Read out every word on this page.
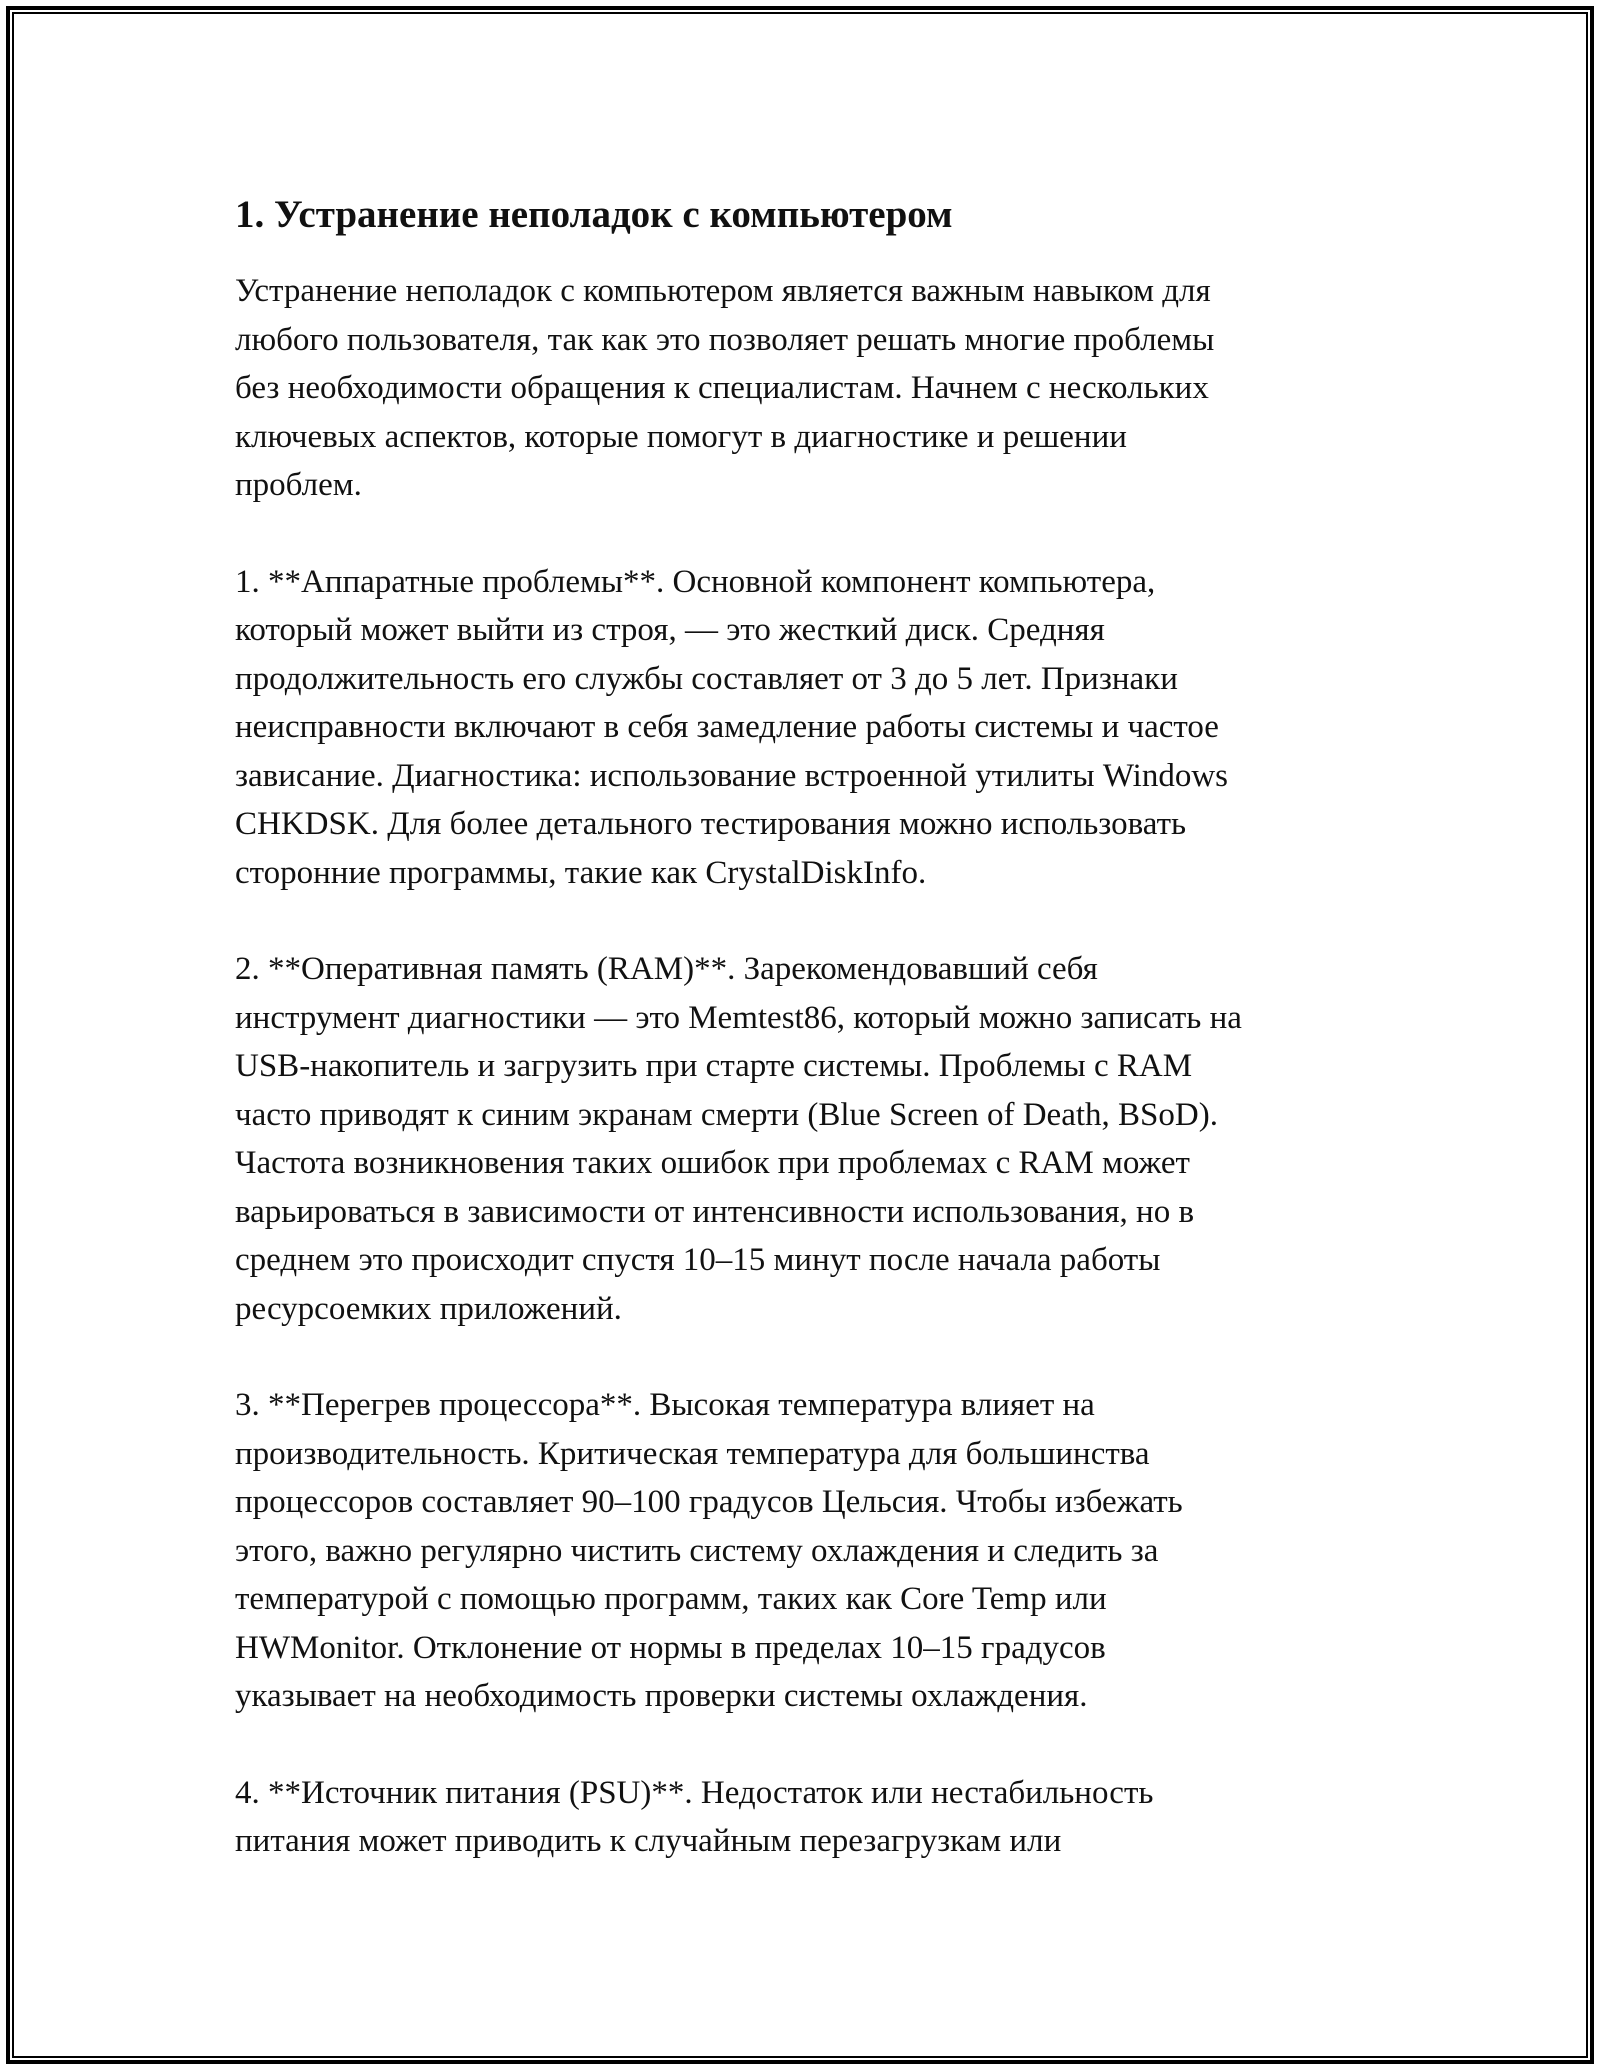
1. Устранение неполадок с компьютером

Устранение неполадок с компьютером является важным навыком для
любого пользователя, так как это позволяет решать многие проблемы
без необходимости обращения к специалистам. Начнем с нескольких
ключевых аспектов, которые помогут в диагностике и решении
проблем.

1. **Аппаратные проблемы**. Основной компонент компьютера,
который может выйти из строя, — это жесткий диск. Средняя
продолжительность его службы составляет от 3 до 5 лет. Признаки
неисправности включают в себя замедление работы системы и частое
зависание. Диагностика: использование встроенной утилиты Windows
CHKDSK. Для более детального тестирования можно использовать
сторонние программы, такие как CrystalDiskInfo.

2. **Оперативная память (RAM)**. Зарекомендовавший себя
инструмент диагностики — это Memtest86, который можно записать на
USB-накопитель и загрузить при старте системы. Проблемы с RAM
часто приводят к синим экранам смерти (Blue Screen of Death, BSoD).
Частота возникновения таких ошибок при проблемах с RAM может
варьироваться в зависимости от интенсивности использования, но в
среднем это происходит спустя 10–15 минут после начала работы
ресурсоемких приложений.

3. **Перегрев процессора**. Высокая температура влияет на
производительность. Критическая температура для большинства
процессоров составляет 90–100 градусов Цельсия. Чтобы избежать
этого, важно регулярно чистить систему охлаждения и следить за
температурой с помощью программ, таких как Core Temp или
HWMonitor. Отклонение от нормы в пределах 10–15 градусов
указывает на необходимость проверки системы охлаждения.

4. **Источник питания (PSU)**. Недостаток или нестабильность
питания может приводить к случайным перезагрузкам или
